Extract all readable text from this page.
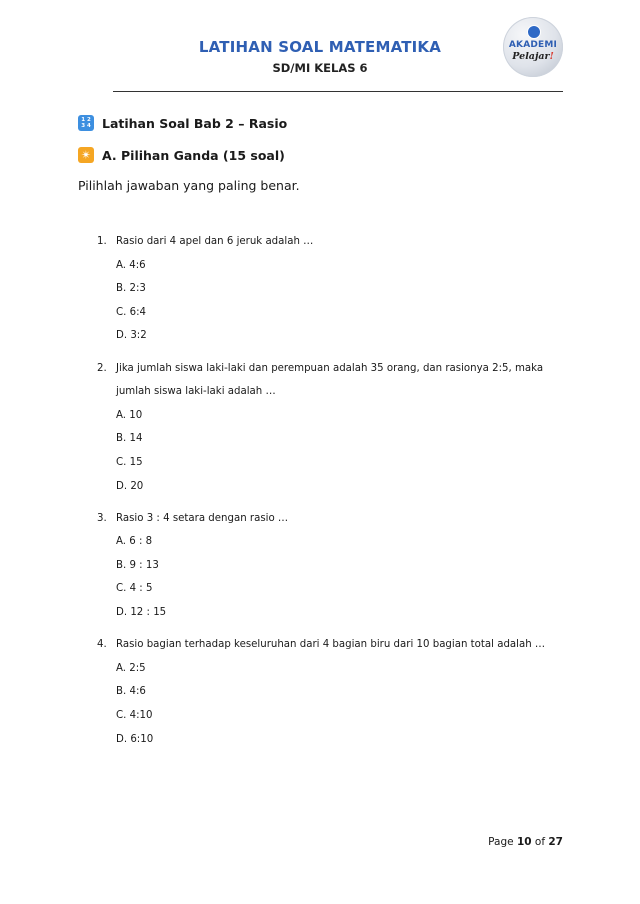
LATIHAN SOAL MATEMATIKA
SD/MI KELAS 6
AKADEMI
Pelajar!
1 2
3 4 Latihan Soal Bab 2 – Rasio
✴ A. Pilihan Ganda (15 soal)
Pilihlah jawaban yang paling benar.
1. Rasio dari 4 apel dan 6 jeruk adalah …
A. 4:6
B. 2:3
C. 6:4
D. 3:2
2. Jika jumlah siswa laki-laki dan perempuan adalah 35 orang, dan rasionya 2:5, maka
jumlah siswa laki-laki adalah …
A. 10
B. 14
C. 15
D. 20
3. Rasio 3 : 4 setara dengan rasio …
A. 6 : 8
B. 9 : 13
C. 4 : 5
D. 12 : 15
4. Rasio bagian terhadap keseluruhan dari 4 bagian biru dari 10 bagian total adalah …
A. 2:5
B. 4:6
C. 4:10
D. 6:10
Page 10 of 27
